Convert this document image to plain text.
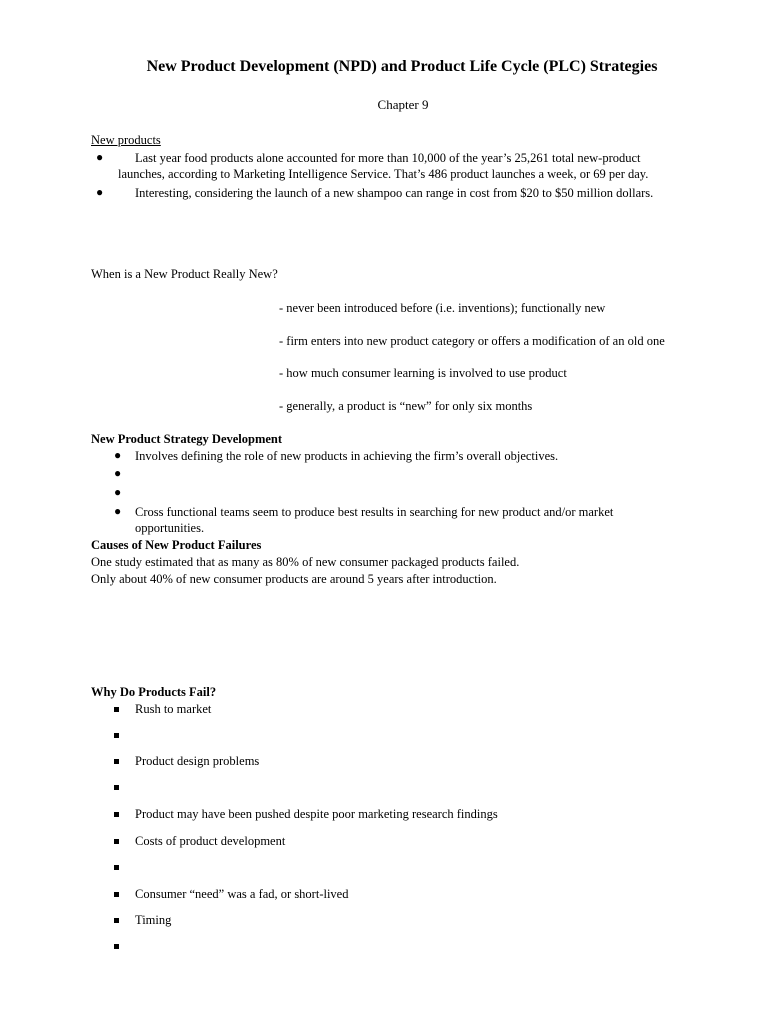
New Product Development (NPD) and Product Life Cycle (PLC) Strategies
Chapter 9
New products
●	Last year food products alone accounted for more than 10,000 of the year’s 25,261 total new-product
launches, according to Marketing Intelligence Service. That’s 486 product launches a week, or 69 per day.
●	Interesting, considering the launch of a new shampoo can range in cost from $20 to $50 million dollars.
When is a New Product Really New?
- never been introduced before (i.e. inventions); functionally new
- firm enters into new product category or offers a modification of an old one
- how much consumer learning is involved to use product
- generally, a product is “new” for only six months
New Product Strategy Development
● Involves defining the role of new products in achieving the firm’s overall objectives.
●
●
● Cross functional teams seem to produce best results in searching for new product and/or market
opportunities.
Causes of New Product Failures
One study estimated that as many as 80% of new consumer packaged products failed.
Only about 40% of new consumer products are around 5 years after introduction.
Why Do Products Fail?
Rush to market
Product design problems
Product may have been pushed despite poor marketing research findings
Costs of product development
Consumer “need” was a fad, or short-lived
Timing
